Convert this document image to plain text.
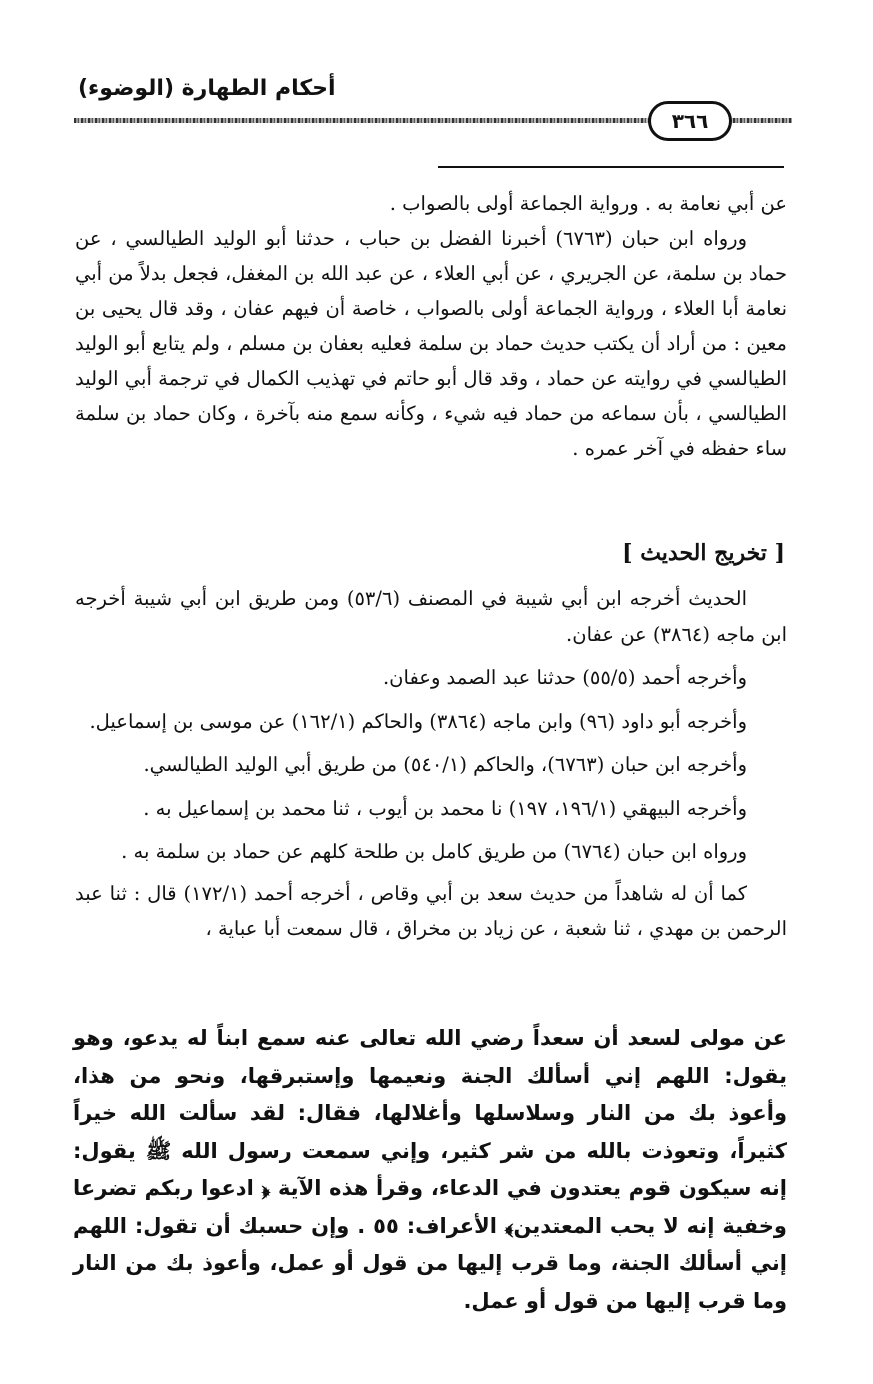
أحكام الطهارة (الوضوء)
٣٦٦

عن أبي نعامة به . ورواية الجماعة أولى بالصواب .

ورواه ابن حبان (٦٧٦٣) أخبرنا الفضل بن حباب ، حدثنا أبو الوليد الطيالسي ، عن حماد بن سلمة، عن الجريري ، عن أبي العلاء ، عن عبد الله بن المغفل، فجعل بدلاً من أبي نعامة أبا العلاء ، ورواية الجماعة أولى بالصواب ، خاصة أن فيهم عفان ، وقد قال يحيى بن معين : من أراد أن يكتب حديث حماد بن سلمة فعليه بعفان بن مسلم ، ولم يتابع أبو الوليد الطيالسي في روايته عن حماد ، وقد قال أبو حاتم في تهذيب الكمال في ترجمة أبي الوليد الطيالسي ، بأن سماعه من حماد فيه شيء ، وكأنه سمع منه بآخرة ، وكان حماد بن سلمة ساء حفظه في آخر عمره .

[ تخريج الحديث ]

الحديث أخرجه ابن أبي شيبة في المصنف (٥٣/٦) ومن طريق ابن أبي شيبة أخرجه ابن ماجه (٣٨٦٤) عن عفان.

وأخرجه أحمد (٥٥/٥) حدثنا عبد الصمد وعفان.

وأخرجه أبو داود (٩٦) وابن ماجه (٣٨٦٤) والحاكم (١٦٢/١) عن موسى بن إسماعيل.

وأخرجه ابن حبان (٦٧٦٣)، والحاكم (٥٤٠/١) من طريق أبي الوليد الطيالسي.

وأخرجه البيهقي (١٩٦/١، ١٩٧) نا محمد بن أيوب ، ثنا محمد بن إسماعيل به .

ورواه ابن حبان (٦٧٦٤) من طريق كامل بن طلحة كلهم عن حماد بن سلمة به .

كما أن له شاهداً من حديث سعد بن أبي وقاص ، أخرجه أحمد (١٧٢/١) قال : ثنا عبد الرحمن بن مهدي ، ثنا شعبة ، عن زياد بن مخراق ، قال سمعت أبا عباية ،

عن مولى لسعد أن سعداً رضي الله تعالى عنه سمع ابناً له يدعو، وهو يقول: اللهم إني أسألك الجنة ونعيمها وإستبرقها، ونحو من هذا، وأعوذ بك من النار وسلاسلها وأغلالها، فقال: لقد سألت الله خيراً كثيراً، وتعوذت بالله من شر كثير، وإني سمعت رسول الله ﷺ يقول: إنه سيكون قوم يعتدون في الدعاء، وقرأ هذه الآية ﴿ ادعوا ربكم تضرعا وخفية إنه لا يحب المعتدين﴾ الأعراف: ٥٥ . وإن حسبك أن تقول: اللهم إني أسألك الجنة، وما قرب إليها من قول أو عمل، وأعوذ بك من النار وما قرب إليها من قول أو عمل.
